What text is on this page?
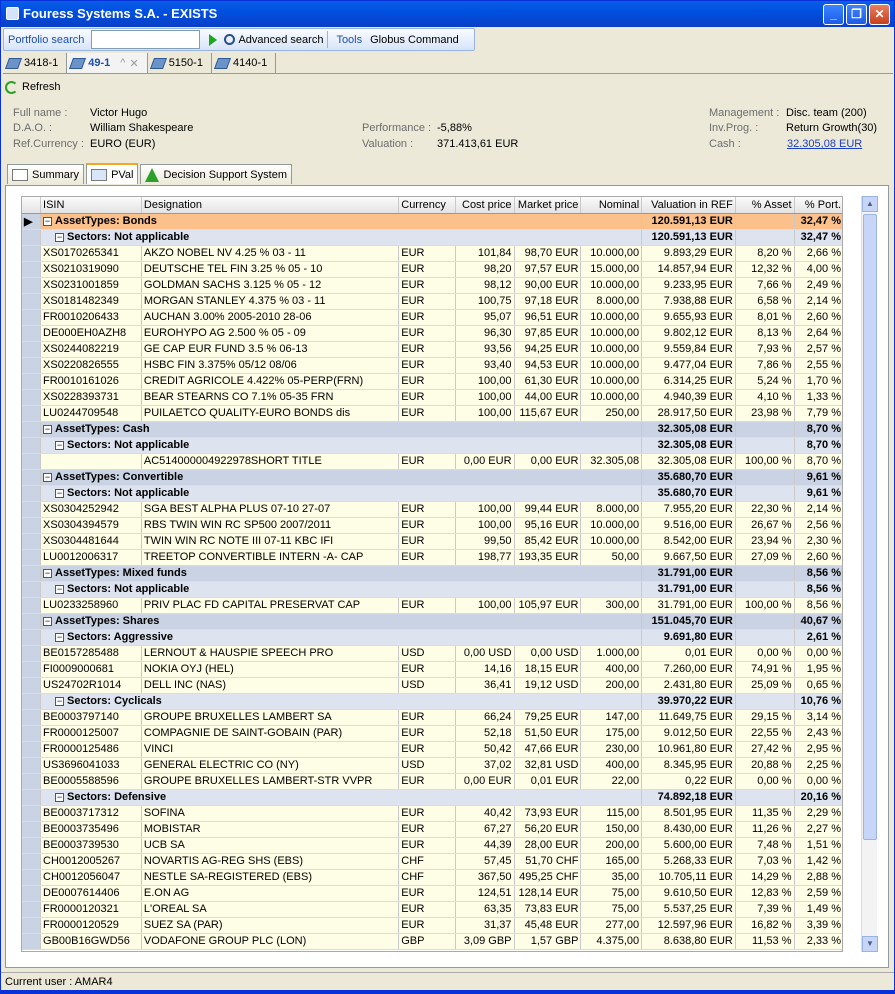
Fouress Systems S.A. - EXISTS	_	❐	✕
Portfolio search	Advanced search	Tools Globus Command
3418-1	49-1 ^ ✕	5150-1	4140-1
Refresh
Full name : Victor Hugo
D.A.O. :	William Shakespeare
Ref.Currency : EURO (EUR)
Performance : -5,88%
Valuation : 371.413,61 EUR
Management : Disc. team (200)
Inv.Prog. :	Return Growth(30)
Cash :	32.305,08 EUR
Summary	PVal	Decision Support System
	ISIN	Designation	Currency	Cost price	Market price	Nominal	Valuation in REF	% Asset	% Port.
▶	− AssetTypes: Bonds						120.591,13 EUR		32,47 %
	− Sectors: Not applicable						120.591,13 EUR		32,47 %
	XS0170265341	AKZO NOBEL NV 4.25 % 03 - 11	EUR	101,84	98,70 EUR	10.000,00	9.893,29 EUR	8,20 %	2,66 %
	XS0210319090	DEUTSCHE TEL FIN 3.25 % 05 - 10	EUR	98,20	97,57 EUR	15.000,00	14.857,94 EUR	12,32 %	4,00 %
	XS0231001859	GOLDMAN SACHS 3.125 % 05 - 12	EUR	98,12	90,00 EUR	10.000,00	9.233,95 EUR	7,66 %	2,49 %
	XS0181482349	MORGAN STANLEY 4.375 % 03 - 11	EUR	100,75	97,18 EUR	8.000,00	7.938,88 EUR	6,58 %	2,14 %
	FR0010206433	AUCHAN 3.00% 2005-2010 28-06	EUR	95,07	96,51 EUR	10.000,00	9.655,93 EUR	8,01 %	2,60 %
	DE000EH0AZH8	EUROHYPO AG 2.500 % 05 - 09	EUR	96,30	97,85 EUR	10.000,00	9.802,12 EUR	8,13 %	2,64 %
	XS0244082219	GE CAP EUR FUND 3.5 % 06-13	EUR	93,56	94,25 EUR	10.000,00	9.559,84 EUR	7,93 %	2,57 %
	XS0220826555	HSBC FIN 3.375% 05/12 08/06	EUR	93,40	94,53 EUR	10.000,00	9.477,04 EUR	7,86 %	2,55 %
	FR0010161026	CREDIT AGRICOLE 4.422% 05-PERP(FRN)	EUR	100,00	61,30 EUR	10.000,00	6.314,25 EUR	5,24 %	1,70 %
	XS0228393731	BEAR STEARNS CO 7.1% 05-35 FRN	EUR	100,00	44,00 EUR	10.000,00	4.940,39 EUR	4,10 %	1,33 %
	LU0244709548	PUILAETCO QUALITY-EURO BONDS dis	EUR	100,00	115,67 EUR	250,00	28.917,50 EUR	23,98 %	7,79 %
	− AssetTypes: Cash						32.305,08 EUR		8,70 %
	− Sectors: Not applicable						32.305,08 EUR		8,70 %
		AC514000004922978SHORT TITLE	EUR	0,00 EUR	0,00 EUR	32.305,08	32.305,08 EUR	100,00 %	8,70 %
	− AssetTypes: Convertible						35.680,70 EUR		9,61 %
	− Sectors: Not applicable						35.680,70 EUR		9,61 %
	XS0304252942	SGA BEST ALPHA PLUS 07-10 27-07	EUR	100,00	99,44 EUR	8.000,00	7.955,20 EUR	22,30 %	2,14 %
	XS0304394579	RBS TWIN WIN RC SP500 2007/2011	EUR	100,00	95,16 EUR	10.000,00	9.516,00 EUR	26,67 %	2,56 %
	XS0304481644	TWIN WIN RC NOTE III 07-11 KBC IFI	EUR	99,50	85,42 EUR	10.000,00	8.542,00 EUR	23,94 %	2,30 %
	LU0012006317	TREETOP CONVERTIBLE INTERN -A- CAP	EUR	198,77	193,35 EUR	50,00	9.667,50 EUR	27,09 %	2,60 %
	− AssetTypes: Mixed funds						31.791,00 EUR		8,56 %
	− Sectors: Not applicable						31.791,00 EUR		8,56 %
	LU0233258960	PRIV PLAC FD CAPITAL PRESERVAT CAP	EUR	100,00	105,97 EUR	300,00	31.791,00 EUR	100,00 %	8,56 %
	− AssetTypes: Shares						151.045,70 EUR		40,67 %
	− Sectors: Aggressive						9.691,80 EUR		2,61 %
	BE0157285488	LERNOUT & HAUSPIE SPEECH PRO	USD	0,00 USD	0,00 USD	1.000,00	0,01 EUR	0,00 %	0,00 %
	FI0009000681	NOKIA OYJ (HEL)	EUR	14,16	18,15 EUR	400,00	7.260,00 EUR	74,91 %	1,95 %
	US24702R1014	DELL INC (NAS)	USD	36,41	19,12 USD	200,00	2.431,80 EUR	25,09 %	0,65 %
	− Sectors: Cyclicals						39.970,22 EUR		10,76 %
	BE0003797140	GROUPE BRUXELLES LAMBERT SA	EUR	66,24	79,25 EUR	147,00	11.649,75 EUR	29,15 %	3,14 %
	FR0000125007	COMPAGNIE DE SAINT-GOBAIN (PAR)	EUR	52,18	51,50 EUR	175,00	9.012,50 EUR	22,55 %	2,43 %
	FR0000125486	VINCI	EUR	50,42	47,66 EUR	230,00	10.961,80 EUR	27,42 %	2,95 %
	US3696041033	GENERAL ELECTRIC CO (NY)	USD	37,02	32,81 USD	400,00	8.345,95 EUR	20,88 %	2,25 %
	BE0005588596	GROUPE BRUXELLES LAMBERT-STR VVPR	EUR	0,00 EUR	0,01 EUR	22,00	0,22 EUR	0,00 %	0,00 %
	− Sectors: Defensive						74.892,18 EUR		20,16 %
	BE0003717312	SOFINA	EUR	40,42	73,93 EUR	115,00	8.501,95 EUR	11,35 %	2,29 %
	BE0003735496	MOBISTAR	EUR	67,27	56,20 EUR	150,00	8.430,00 EUR	11,26 %	2,27 %
	BE0003739530	UCB SA	EUR	44,39	28,00 EUR	200,00	5.600,00 EUR	7,48 %	1,51 %
	CH0012005267	NOVARTIS AG-REG SHS (EBS)	CHF	57,45	51,70 CHF	165,00	5.268,33 EUR	7,03 %	1,42 %
	CH0012056047	NESTLE SA-REGISTERED (EBS)	CHF	367,50	495,25 CHF	35,00	10.705,11 EUR	14,29 %	2,88 %
	DE0007614406	E.ON AG	EUR	124,51	128,14 EUR	75,00	9.610,50 EUR	12,83 %	2,59 %
	FR0000120321	L'OREAL SA	EUR	63,35	73,83 EUR	75,00	5.537,25 EUR	7,39 %	1,49 %
	FR0000120529	SUEZ SA (PAR)	EUR	31,37	45,48 EUR	277,00	12.597,96 EUR	16,82 %	3,39 %
	GB00B16GWD56	VODAFONE GROUP PLC (LON)	GBP	3,09 GBP	1,57 GBP	4.375,00	8.638,80 EUR	11,53 %	2,33 %
▲
▼
Current user : AMAR4
